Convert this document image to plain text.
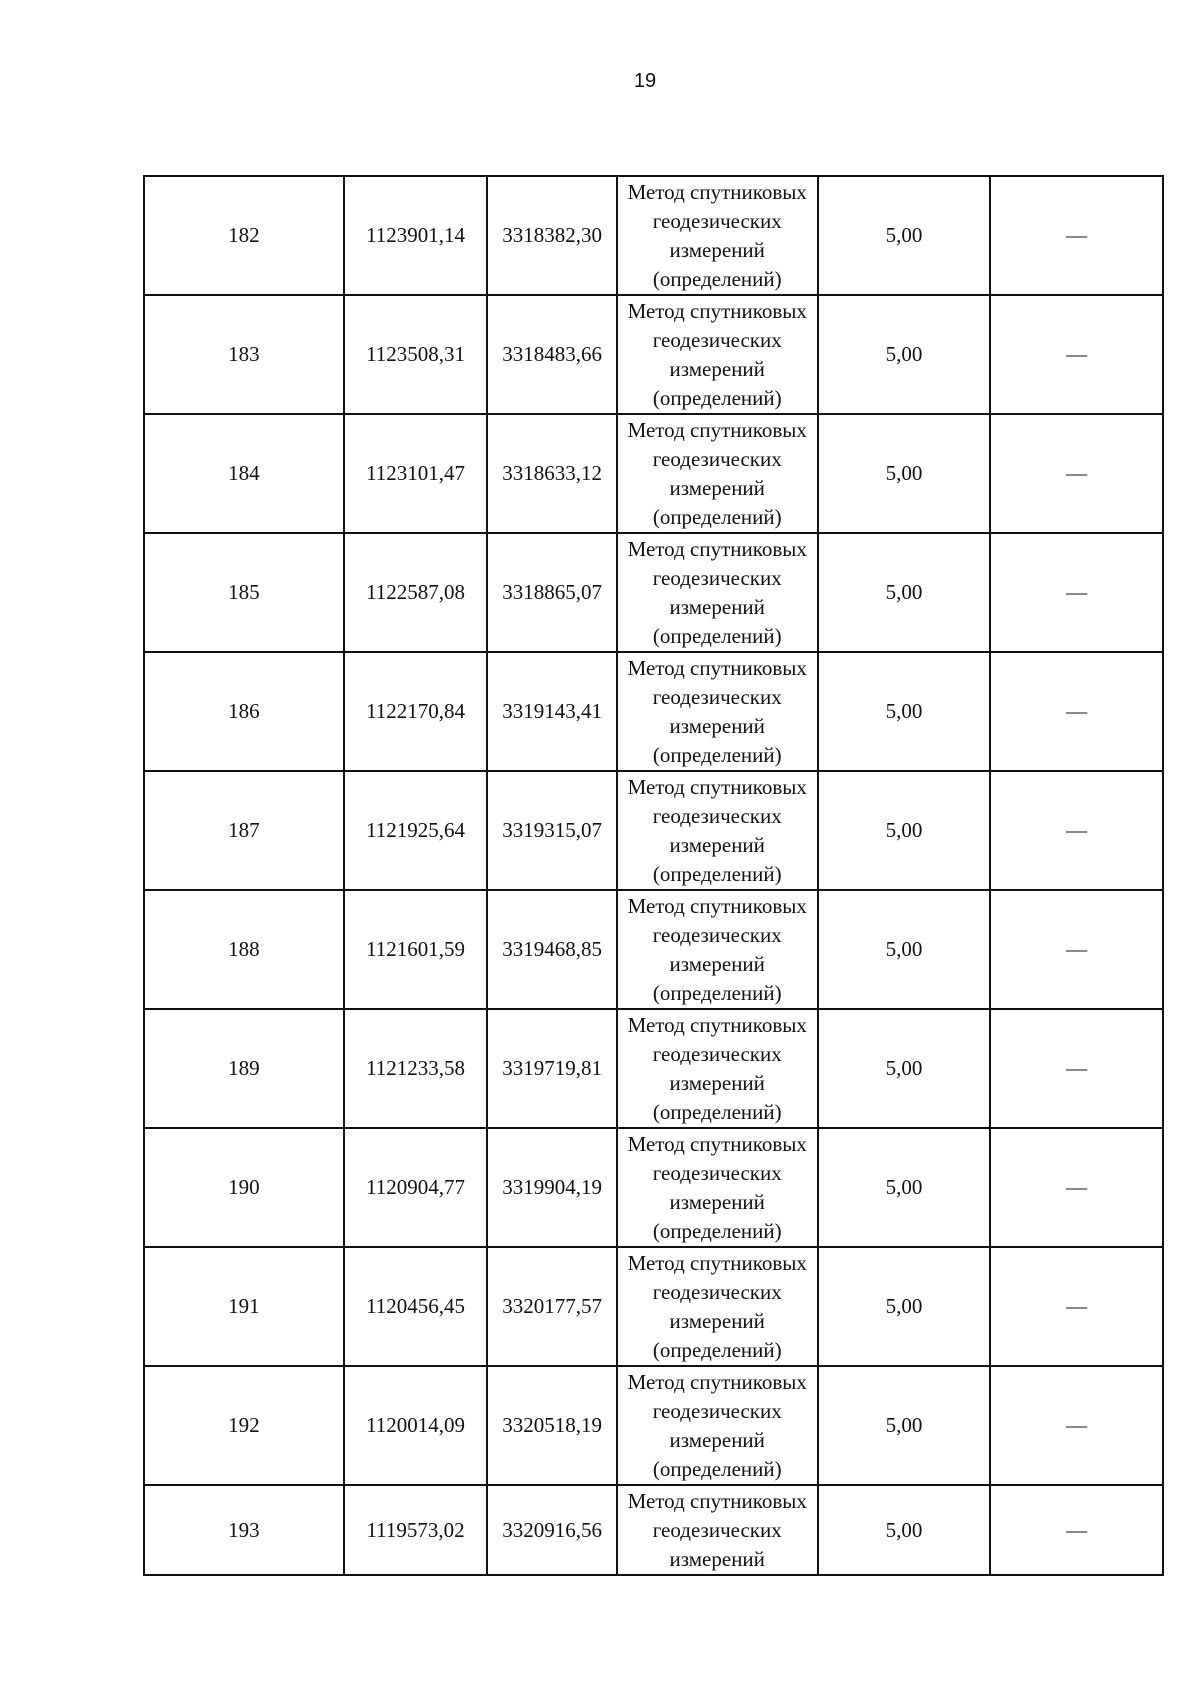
19
182	1123901,14	3318382,30	Метод спутниковых
геодезических
измерений
(определений)	5,00	—
183	1123508,31	3318483,66	Метод спутниковых
геодезических
измерений
(определений)	5,00	—
184	1123101,47	3318633,12	Метод спутниковых
геодезических
измерений
(определений)	5,00	—
185	1122587,08	3318865,07	Метод спутниковых
геодезических
измерений
(определений)	5,00	—
186	1122170,84	3319143,41	Метод спутниковых
геодезических
измерений
(определений)	5,00	—
187	1121925,64	3319315,07	Метод спутниковых
геодезических
измерений
(определений)	5,00	—
188	1121601,59	3319468,85	Метод спутниковых
геодезических
измерений
(определений)	5,00	—
189	1121233,58	3319719,81	Метод спутниковых
геодезических
измерений
(определений)	5,00	—
190	1120904,77	3319904,19	Метод спутниковых
геодезических
измерений
(определений)	5,00	—
191	1120456,45	3320177,57	Метод спутниковых
геодезических
измерений
(определений)	5,00	—
192	1120014,09	3320518,19	Метод спутниковых
геодезических
измерений
(определений)	5,00	—
193	1119573,02	3320916,56	Метод спутниковых
геодезических
измерений	5,00	—
